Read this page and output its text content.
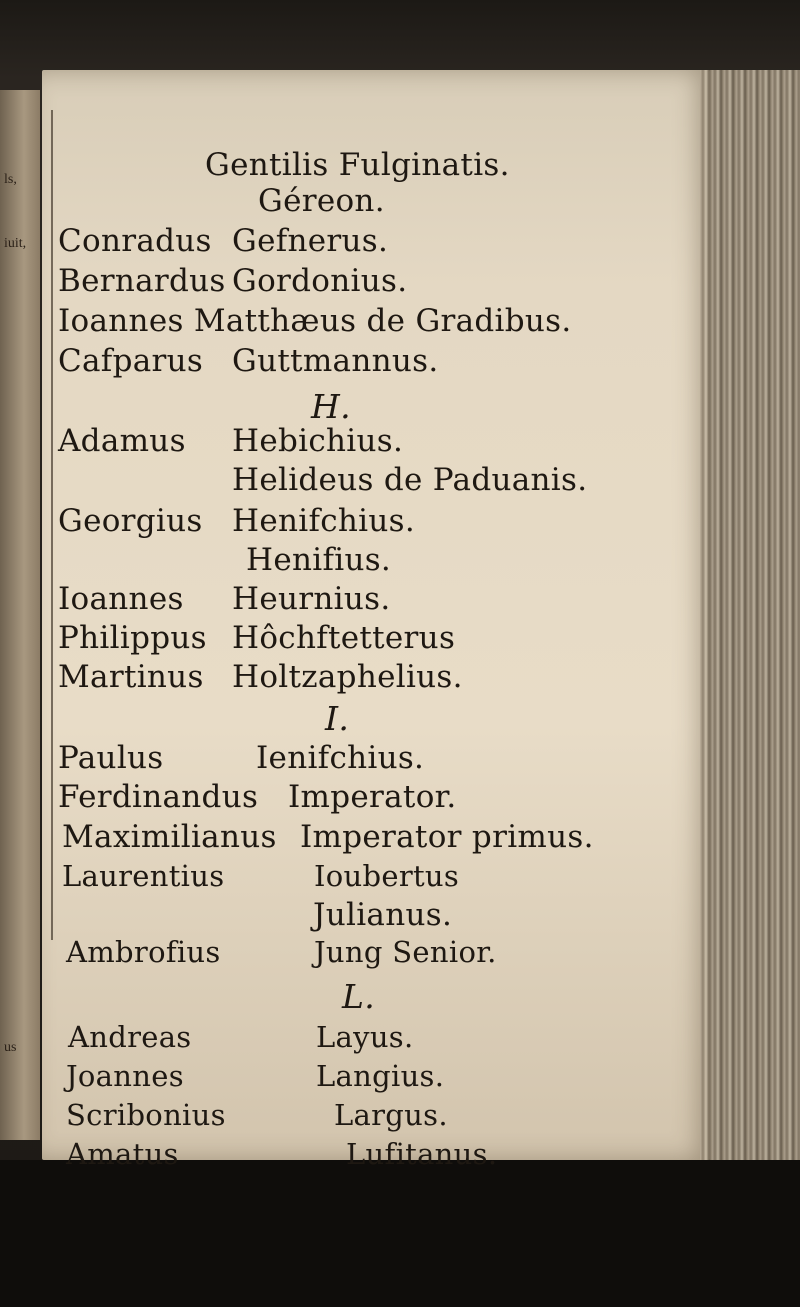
ls,
iuit,
us
Gentilis Fulginatis.
Géreon.
Conradus Gefnerus.
Bernardus Gordonius.
Ioannes Matthæus de Gradibus.
Cafparus Guttmannus.
H.
Adamus Hebichius.
Helideus de Paduanis.
Georgius Henifchius.
Henifius.
Ioannes Heurnius.
Philippus Hôchftetterus
Martinus Holtzaphelius.
I.
Paulus	Ienifchius.
Ferdinandus Imperator.
Maximilianus Imperator primus.
Laurentius	Ioubertus
Julianus.
Ambrofius	Jung Senior.
L.
Andreas	Layus.
Joannes	Langius.
Scribonius	Largus.
Amatus	Lufitanus.
